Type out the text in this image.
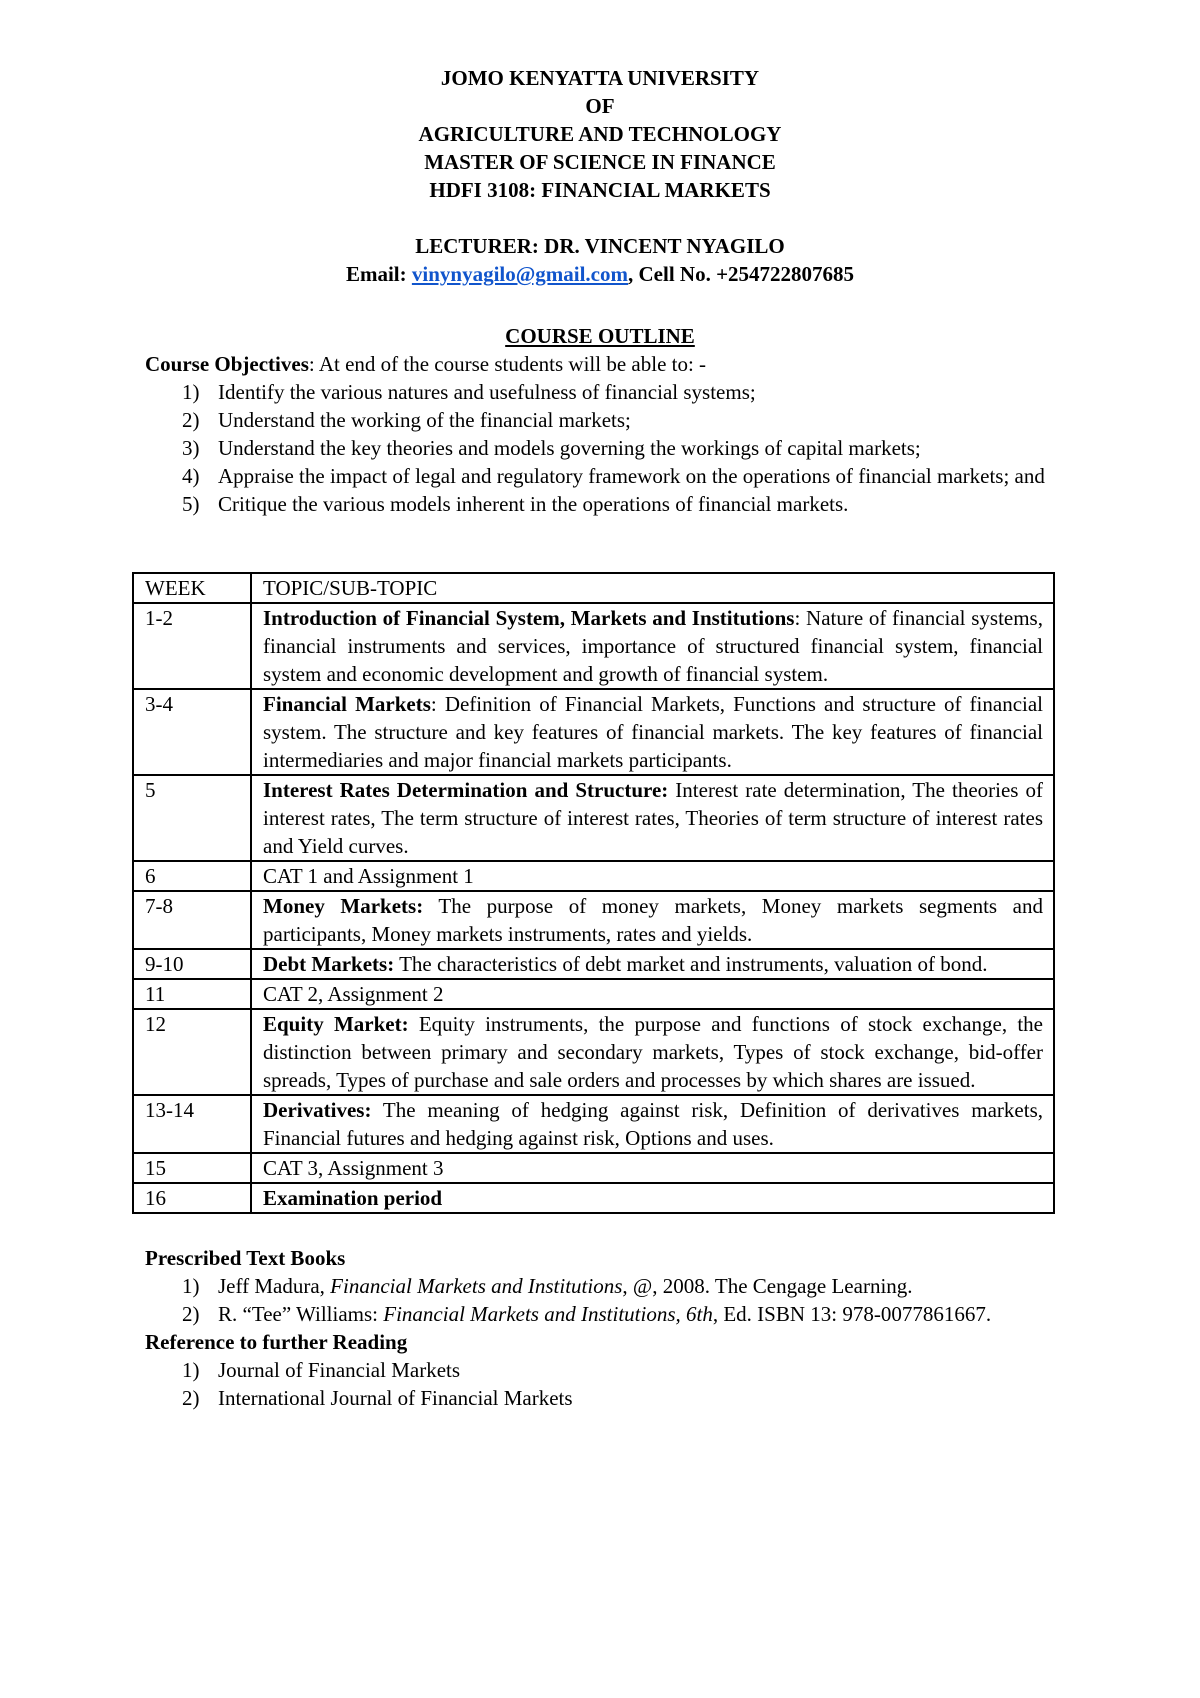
JOMO KENYATTA UNIVERSITY
OF
AGRICULTURE AND TECHNOLOGY
MASTER OF SCIENCE IN FINANCE
HDFI 3108: FINANCIAL MARKETS
LECTURER: DR. VINCENT NYAGILO
Email: vinynyagilo@gmail.com, Cell No. +254722807685
COURSE OUTLINE
Course Objectives: At end of the course students will be able to: -
1) Identify the various natures and usefulness of financial systems;
2) Understand the working of the financial markets;
3) Understand the key theories and models governing the workings of capital markets;
4) Appraise the impact of legal and regulatory framework on the operations of financial markets; and
5) Critique the various models inherent in the operations of financial markets.
WEEK	TOPIC/SUB-TOPIC
1-2	Introduction of Financial System, Markets and Institutions: Nature of financial systems, financial instruments and services, importance of structured financial system, financial system and economic development and growth of financial system.
3-4	Financial Markets: Definition of Financial Markets, Functions and structure of financial system. The structure and key features of financial markets. The key features of financial intermediaries and major financial markets participants.
5	Interest Rates Determination and Structure: Interest rate determination, The theories of interest rates, The term structure of interest rates, Theories of term structure of interest rates and Yield curves.
6	CAT 1 and Assignment 1
7-8	Money Markets: The purpose of money markets, Money markets segments and participants, Money markets instruments, rates and yields.
9-10	Debt Markets: The characteristics of debt market and instruments, valuation of bond.
11	CAT 2, Assignment 2
12	Equity Market: Equity instruments, the purpose and functions of stock exchange, the distinction between primary and secondary markets, Types of stock exchange, bid-offer spreads, Types of purchase and sale orders and processes by which shares are issued.
13-14	Derivatives: The meaning of hedging against risk, Definition of derivatives markets, Financial futures and hedging against risk, Options and uses.
15	CAT 3, Assignment 3
16	Examination period
Prescribed Text Books
1) Jeff Madura, Financial Markets and Institutions, @, 2008. The Cengage Learning.
2) R. “Tee” Williams: Financial Markets and Institutions, 6th, Ed. ISBN 13: 978-0077861667.
Reference to further Reading
1) Journal of Financial Markets
2) International Journal of Financial Markets
